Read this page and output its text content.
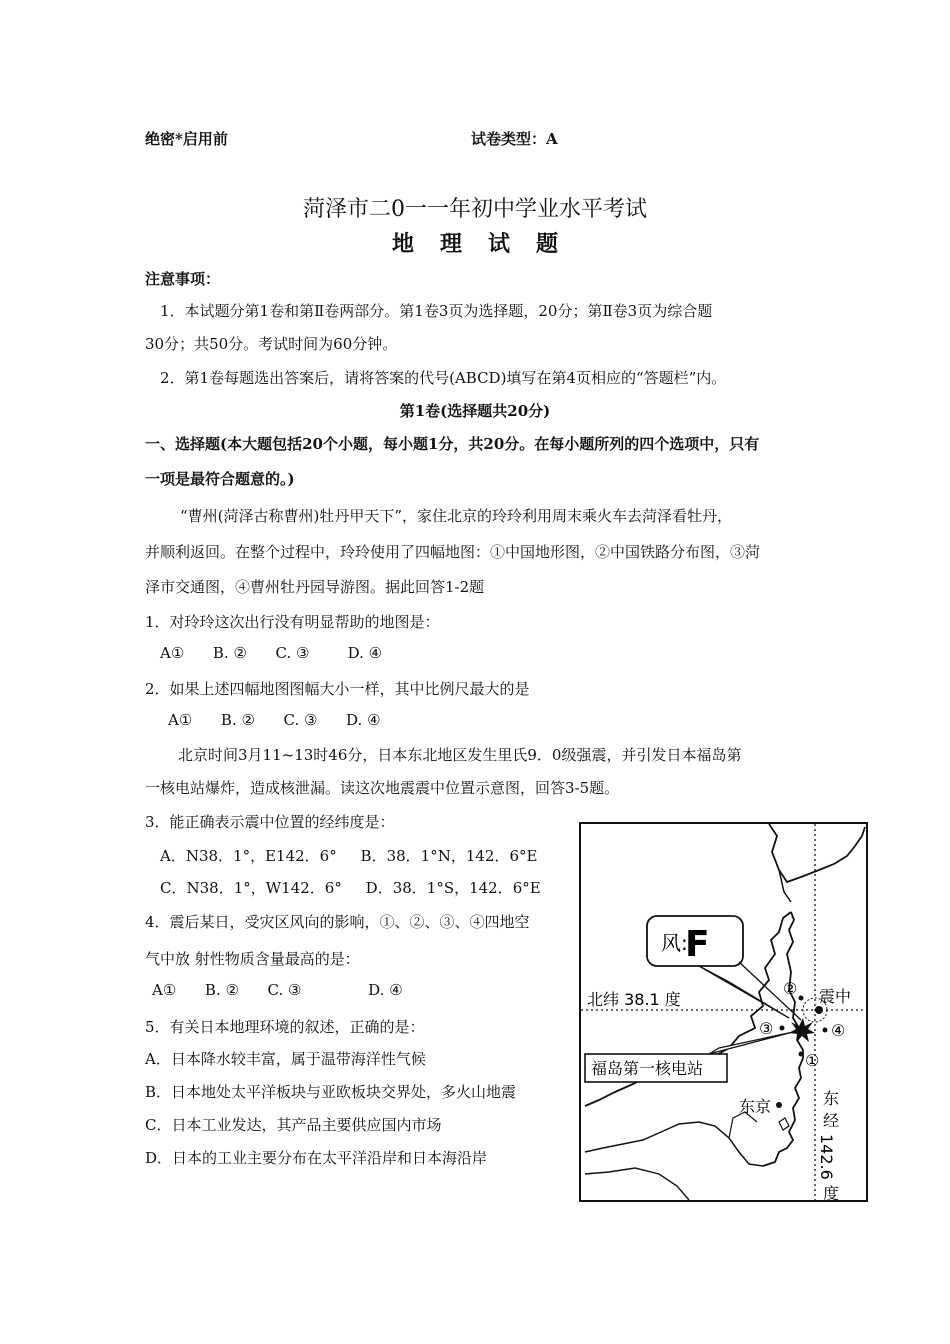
绝密*启用前	试卷类型：A
菏泽市二0一一年初中学业水平考试
地理试题
注意事项：
1．本试题分第1卷和第Ⅱ卷两部分。第1卷3页为选择题，20分；第Ⅱ卷3页为综合题
30分；共50分。考试时间为60分钟。
2．第1卷每题选出答案后，请将答案的代号(ABCD)填写在第4页相应的“答题栏”内。
第1卷(选择题共20分)
一、选择题(本大题包括20个小题，每小题1分，共20分。在每小题所列的四个选项中，只有
一项是最符合题意的。)
“曹州(菏泽古称曹州)牡丹甲天下”，家住北京的玲玲利用周末乘火车去菏泽看牡丹，
并顺利返回。在整个过程中，玲玲使用了四幅地图：①中国地形图，②中国铁路分布图，③菏
泽市交通图，④曹州牡丹园导游图。据此回答1-2题
1．对玲玲这次出行没有明显帮助的地图是：
A①      B. ②      C. ③        D. ④
2．如果上述四幅地图图幅大小一样，其中比例尺最大的是
A①      B. ②      C. ③      D. ④
北京时间3月11~13时46分，日本东北地区发生里氏9．0级强震，并引发日本福岛第
一核电站爆炸，造成核泄漏。读这次地震震中位置示意图，回答3-5题。
3．能正确表示震中位置的经纬度是：
A．N38．1°，E142．6°     B．38．1°N，142．6°E
C．N38．1°，W142．6°     D．38．1°S，142．6°E
4．震后某日，受灾区风向的影响，①、②、③、④四地空
气中放 射性物质含量最高的是：
A①      B. ②      C. ③              D. ④
5．有关日本地理环境的叙述，正确的是：
A．日本降水较丰富，属于温带海洋性气候
B．日本地处太平洋板块与亚欧板块交界处，多火山地震
C．日本工业发达，其产品主要供应国内市场
D．日本的工业主要分布在太平洋沿岸和日本海沿岸
风:
F
北纬 38.1 度	震中
②
③	④
①
福岛第一核电站
东京	东
经
142.6
度
